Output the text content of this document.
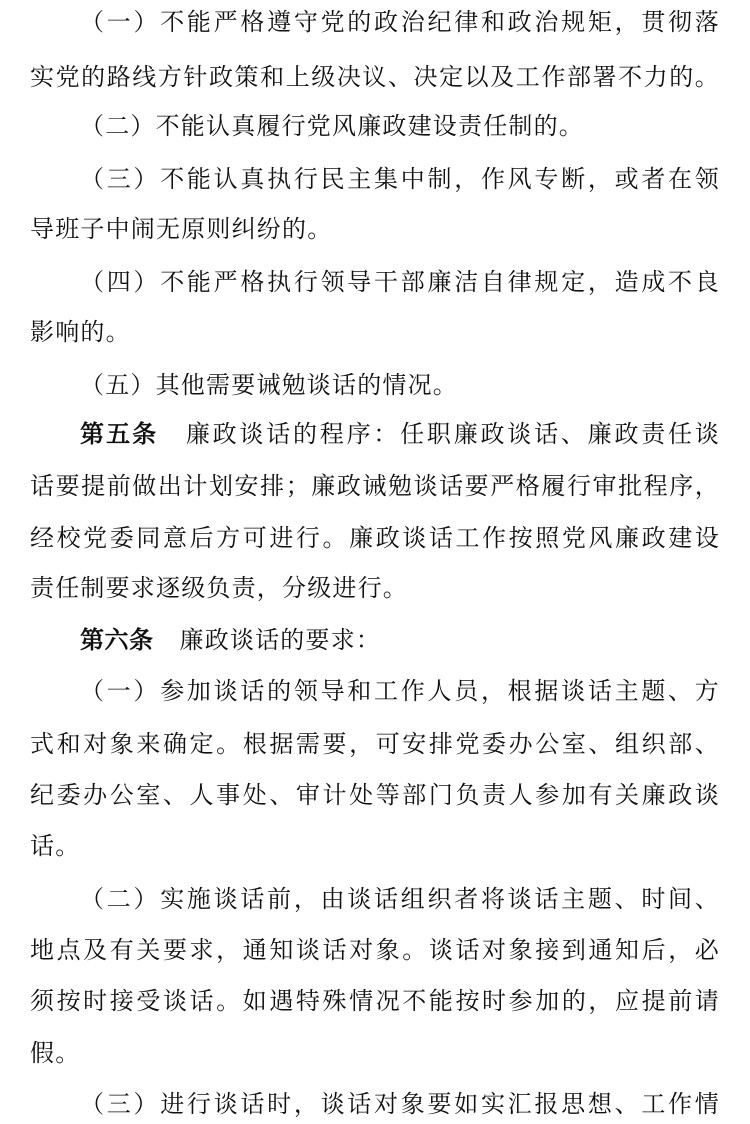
（一）不能严格遵守党的政治纪律和政治规矩，贯彻落
实党的路线方针政策和上级决议、决定以及工作部署不力的。
（二）不能认真履行党风廉政建设责任制的。
（三）不能认真执行民主集中制，作风专断，或者在领
导班子中闹无原则纠纷的。
（四）不能严格执行领导干部廉洁自律规定，造成不良
影响的。
（五）其他需要诫勉谈话的情况。
第五条 廉政谈话的程序：任职廉政谈话、廉政责任谈
话要提前做出计划安排；廉政诫勉谈话要严格履行审批程序，
经校党委同意后方可进行。廉政谈话工作按照党风廉政建设
责任制要求逐级负责，分级进行。
第六条 廉政谈话的要求：
（一）参加谈话的领导和工作人员，根据谈话主题、方
式和对象来确定。根据需要，可安排党委办公室、组织部、
纪委办公室、人事处、审计处等部门负责人参加有关廉政谈
话。
（二）实施谈话前，由谈话组织者将谈话主题、时间、
地点及有关要求，通知谈话对象。谈话对象接到通知后，必
须按时接受谈话。如遇特殊情况不能按时参加的，应提前请
假。
（三）进行谈话时，谈话对象要如实汇报思想、工作情
